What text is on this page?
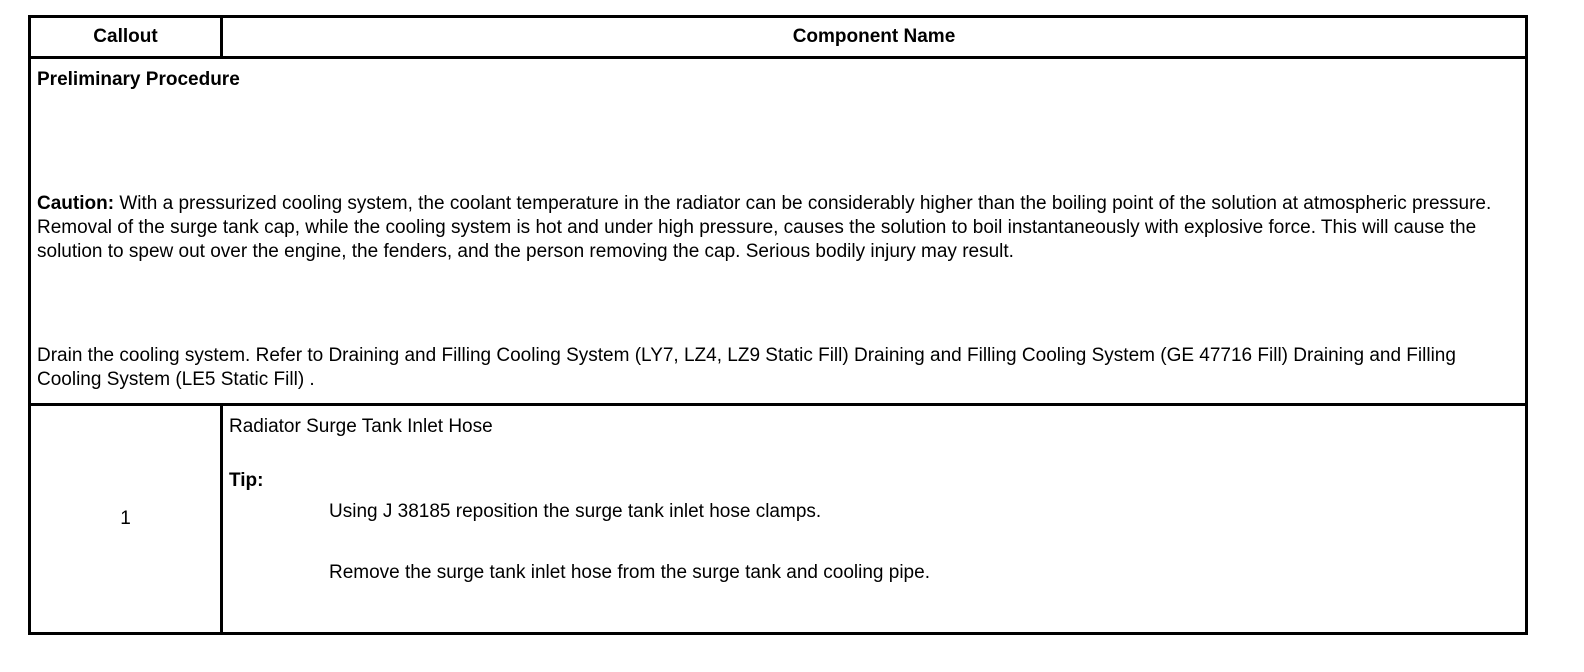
Callout	Component Name
Preliminary Procedure
Caution: With a pressurized cooling system, the coolant temperature in the radiator can be considerably higher than the boiling point of the solution at atmospheric pressure. Removal of the surge tank cap, while the cooling system is hot and under high pressure, causes the solution to boil instantaneously with explosive force. This will cause the solution to spew out over the engine, the fenders, and the person removing the cap. Serious bodily injury may result.
Drain the cooling system. Refer to Draining and Filling Cooling System (LY7, LZ4, LZ9 Static Fill) Draining and Filling Cooling System (GE 47716 Fill) Draining and Filling Cooling System (LE5 Static Fill) .
1
Radiator Surge Tank Inlet Hose
Tip:
Using J 38185 reposition the surge tank inlet hose clamps.
Remove the surge tank inlet hose from the surge tank and cooling pipe.
